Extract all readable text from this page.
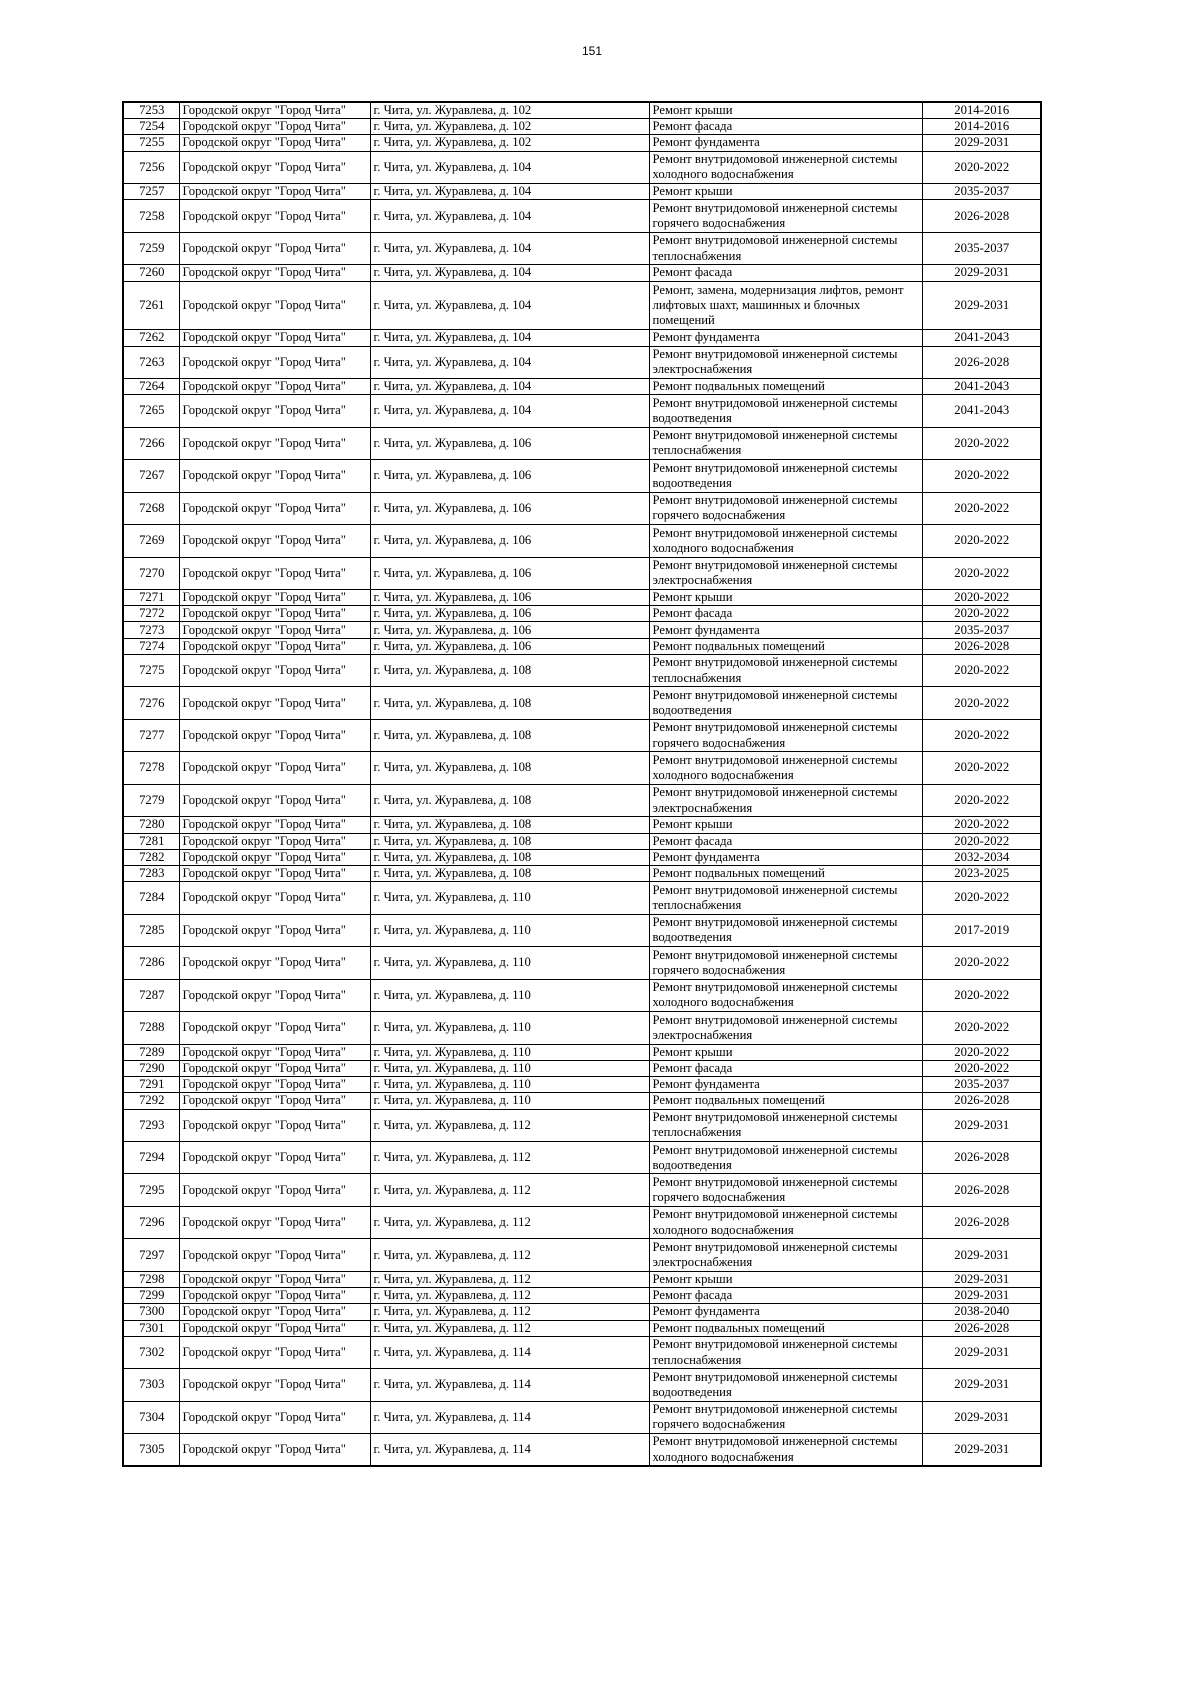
151
7253	Городской округ "Город Чита"	г. Чита, ул. Журавлева, д. 102	Ремонт крыши	2014-2016
7254	Городской округ "Город Чита"	г. Чита, ул. Журавлева, д. 102	Ремонт фасада	2014-2016
7255	Городской округ "Город Чита"	г. Чита, ул. Журавлева, д. 102	Ремонт фундамента	2029-2031
7256	Городской округ "Город Чита"	г. Чита, ул. Журавлева, д. 104	Ремонт внутридомовой инженерной системы холодного водоснабжения	2020-2022
7257	Городской округ "Город Чита"	г. Чита, ул. Журавлева, д. 104	Ремонт крыши	2035-2037
7258	Городской округ "Город Чита"	г. Чита, ул. Журавлева, д. 104	Ремонт внутридомовой инженерной системы горячего водоснабжения	2026-2028
7259	Городской округ "Город Чита"	г. Чита, ул. Журавлева, д. 104	Ремонт внутридомовой инженерной системы теплоснабжения	2035-2037
7260	Городской округ "Город Чита"	г. Чита, ул. Журавлева, д. 104	Ремонт фасада	2029-2031
7261	Городской округ "Город Чита"	г. Чита, ул. Журавлева, д. 104	Ремонт, замена, модернизация лифтов, ремонт лифтовых шахт, машинных и блочных помещений	2029-2031
7262	Городской округ "Город Чита"	г. Чита, ул. Журавлева, д. 104	Ремонт фундамента	2041-2043
7263	Городской округ "Город Чита"	г. Чита, ул. Журавлева, д. 104	Ремонт внутридомовой инженерной системы электроснабжения	2026-2028
7264	Городской округ "Город Чита"	г. Чита, ул. Журавлева, д. 104	Ремонт подвальных помещений	2041-2043
7265	Городской округ "Город Чита"	г. Чита, ул. Журавлева, д. 104	Ремонт внутридомовой инженерной системы водоотведения	2041-2043
7266	Городской округ "Город Чита"	г. Чита, ул. Журавлева, д. 106	Ремонт внутридомовой инженерной системы теплоснабжения	2020-2022
7267	Городской округ "Город Чита"	г. Чита, ул. Журавлева, д. 106	Ремонт внутридомовой инженерной системы водоотведения	2020-2022
7268	Городской округ "Город Чита"	г. Чита, ул. Журавлева, д. 106	Ремонт внутридомовой инженерной системы горячего водоснабжения	2020-2022
7269	Городской округ "Город Чита"	г. Чита, ул. Журавлева, д. 106	Ремонт внутридомовой инженерной системы холодного водоснабжения	2020-2022
7270	Городской округ "Город Чита"	г. Чита, ул. Журавлева, д. 106	Ремонт внутридомовой инженерной системы электроснабжения	2020-2022
7271	Городской округ "Город Чита"	г. Чита, ул. Журавлева, д. 106	Ремонт крыши	2020-2022
7272	Городской округ "Город Чита"	г. Чита, ул. Журавлева, д. 106	Ремонт фасада	2020-2022
7273	Городской округ "Город Чита"	г. Чита, ул. Журавлева, д. 106	Ремонт фундамента	2035-2037
7274	Городской округ "Город Чита"	г. Чита, ул. Журавлева, д. 106	Ремонт подвальных помещений	2026-2028
7275	Городской округ "Город Чита"	г. Чита, ул. Журавлева, д. 108	Ремонт внутридомовой инженерной системы теплоснабжения	2020-2022
7276	Городской округ "Город Чита"	г. Чита, ул. Журавлева, д. 108	Ремонт внутридомовой инженерной системы водоотведения	2020-2022
7277	Городской округ "Город Чита"	г. Чита, ул. Журавлева, д. 108	Ремонт внутридомовой инженерной системы горячего водоснабжения	2020-2022
7278	Городской округ "Город Чита"	г. Чита, ул. Журавлева, д. 108	Ремонт внутридомовой инженерной системы холодного водоснабжения	2020-2022
7279	Городской округ "Город Чита"	г. Чита, ул. Журавлева, д. 108	Ремонт внутридомовой инженерной системы электроснабжения	2020-2022
7280	Городской округ "Город Чита"	г. Чита, ул. Журавлева, д. 108	Ремонт крыши	2020-2022
7281	Городской округ "Город Чита"	г. Чита, ул. Журавлева, д. 108	Ремонт фасада	2020-2022
7282	Городской округ "Город Чита"	г. Чита, ул. Журавлева, д. 108	Ремонт фундамента	2032-2034
7283	Городской округ "Город Чита"	г. Чита, ул. Журавлева, д. 108	Ремонт подвальных помещений	2023-2025
7284	Городской округ "Город Чита"	г. Чита, ул. Журавлева, д. 110	Ремонт внутридомовой инженерной системы теплоснабжения	2020-2022
7285	Городской округ "Город Чита"	г. Чита, ул. Журавлева, д. 110	Ремонт внутридомовой инженерной системы водоотведения	2017-2019
7286	Городской округ "Город Чита"	г. Чита, ул. Журавлева, д. 110	Ремонт внутридомовой инженерной системы горячего водоснабжения	2020-2022
7287	Городской округ "Город Чита"	г. Чита, ул. Журавлева, д. 110	Ремонт внутридомовой инженерной системы холодного водоснабжения	2020-2022
7288	Городской округ "Город Чита"	г. Чита, ул. Журавлева, д. 110	Ремонт внутридомовой инженерной системы электроснабжения	2020-2022
7289	Городской округ "Город Чита"	г. Чита, ул. Журавлева, д. 110	Ремонт крыши	2020-2022
7290	Городской округ "Город Чита"	г. Чита, ул. Журавлева, д. 110	Ремонт фасада	2020-2022
7291	Городской округ "Город Чита"	г. Чита, ул. Журавлева, д. 110	Ремонт фундамента	2035-2037
7292	Городской округ "Город Чита"	г. Чита, ул. Журавлева, д. 110	Ремонт подвальных помещений	2026-2028
7293	Городской округ "Город Чита"	г. Чита, ул. Журавлева, д. 112	Ремонт внутридомовой инженерной системы теплоснабжения	2029-2031
7294	Городской округ "Город Чита"	г. Чита, ул. Журавлева, д. 112	Ремонт внутридомовой инженерной системы водоотведения	2026-2028
7295	Городской округ "Город Чита"	г. Чита, ул. Журавлева, д. 112	Ремонт внутридомовой инженерной системы горячего водоснабжения	2026-2028
7296	Городской округ "Город Чита"	г. Чита, ул. Журавлева, д. 112	Ремонт внутридомовой инженерной системы холодного водоснабжения	2026-2028
7297	Городской округ "Город Чита"	г. Чита, ул. Журавлева, д. 112	Ремонт внутридомовой инженерной системы электроснабжения	2029-2031
7298	Городской округ "Город Чита"	г. Чита, ул. Журавлева, д. 112	Ремонт крыши	2029-2031
7299	Городской округ "Город Чита"	г. Чита, ул. Журавлева, д. 112	Ремонт фасада	2029-2031
7300	Городской округ "Город Чита"	г. Чита, ул. Журавлева, д. 112	Ремонт фундамента	2038-2040
7301	Городской округ "Город Чита"	г. Чита, ул. Журавлева, д. 112	Ремонт подвальных помещений	2026-2028
7302	Городской округ "Город Чита"	г. Чита, ул. Журавлева, д. 114	Ремонт внутридомовой инженерной системы теплоснабжения	2029-2031
7303	Городской округ "Город Чита"	г. Чита, ул. Журавлева, д. 114	Ремонт внутридомовой инженерной системы водоотведения	2029-2031
7304	Городской округ "Город Чита"	г. Чита, ул. Журавлева, д. 114	Ремонт внутридомовой инженерной системы горячего водоснабжения	2029-2031
7305	Городской округ "Город Чита"	г. Чита, ул. Журавлева, д. 114	Ремонт внутридомовой инженерной системы холодного водоснабжения	2029-2031
